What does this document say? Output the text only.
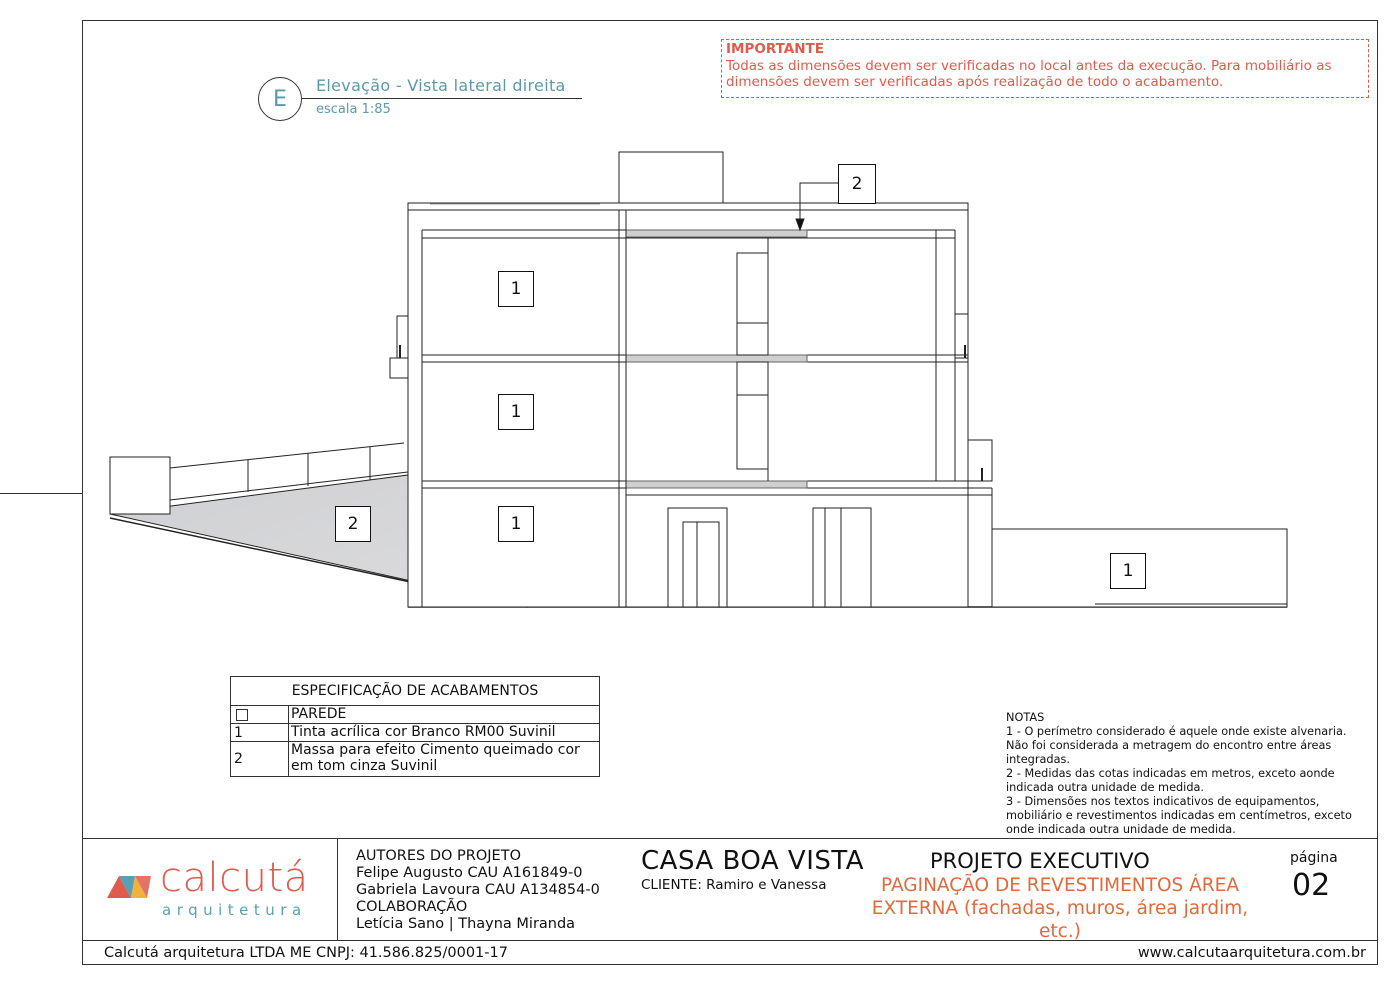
E
Elevação - Vista lateral direita
escala 1:85
IMPORTANTE
Todas as dimensões devem ser verificadas no local antes da execução. Para mobiliário as
dimensões devem ser verificadas após realização de todo o acabamento.
1
1
1
1
2
2
ESPECIFICAÇÃO DE ACABAMENTOS
PAREDE
1	Tinta acrílica cor Branco RM00 Suvinil
2
Massa para efeito Cimento queimado cor em tom cinza Suvinil
NOTAS
1 - O perímetro considerado é aquele onde existe alvenaria.
Não foi considerada a metragem do encontro entre áreas
integradas.
2 - Medidas das cotas indicadas em metros, exceto aonde
indicada outra unidade de medida.
3 - Dimensões nos textos indicativos de equipamentos,
mobiliário e revestimentos indicadas em centímetros, exceto
onde indicada outra unidade de medida.
calcutá
arquitetura
AUTORES DO PROJETO
Felipe Augusto CAU A161849-0
Gabriela Lavoura CAU A134854-0
COLABORAÇÃO
Letícia Sano | Thayna Miranda
CASA BOA VISTA
CLIENTE: Ramiro e Vanessa
PROJETO EXECUTIVO
PAGINAÇÃO DE REVESTIMENTOS ÁREA EXTERNA (fachadas, muros, área jardim, etc.)
página
02
Calcutá arquitetura LTDA ME CNPJ: 41.586.825/0001-17	www.calcutaarquitetura.com.br
